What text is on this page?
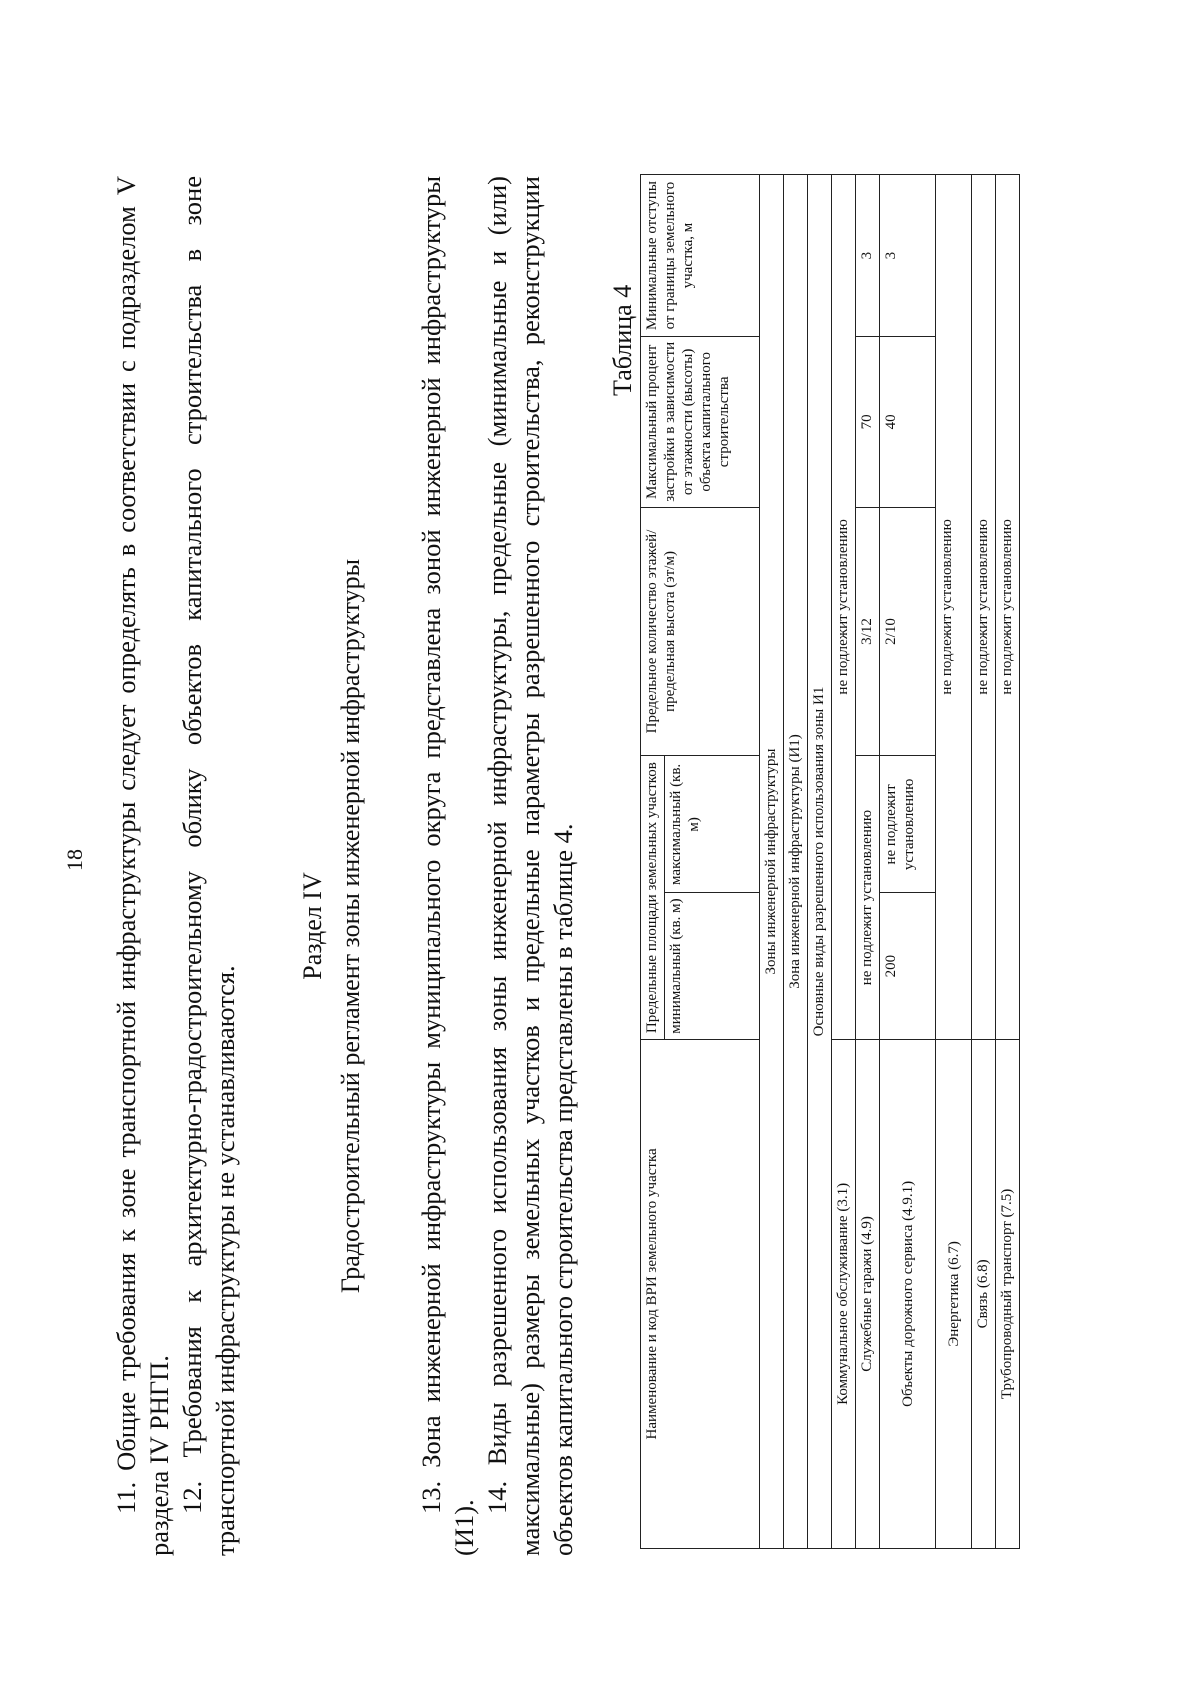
18 11. Общие требования к зоне транспортной инфраструктуры следует определять в соответствии с подразделом V раздела IV РНГП. 12. Требования к архитектурно-градостроительному облику объектов капитального строительства в зоне транспортной инфраструктуры не устанавливаются.

Раздел IV Градостроительный регламент зоны инженерной инфраструктуры 13. Зона инженерной инфраструктуры муниципального округа представлена зоной инженерной инфраструктуры (И1).

14. Виды разрешенного использования зоны инженерной инфраструктуры, предельные (минимальные и (или) максимальные) размеры земельных участков и предельные параметры разрешенного строительства, реконструкции объектов капитального строительства представлены в таблице 4.

Таблица 4
Наименование и код ВРИ земельного участка	Предельные площади земельных участков		Предельное количество этажей/предельная высота (эт/м)	Максимальный процент застройки в зависимости от этажности (высоты) объекта капитального строительства	Минимальные отступы от границы земельного участка, м
	минимальный (кв. м)	максимальный (кв. м)			
Зоны инженерной инфраструктуры					
Зона инженерной инфраструктуры (И1)					
Основные виды разрешенного использования зоны И1					
Коммунальное обслуживание (3.1)	не подлежит установлению				
Служебные гаражи (4.9)	не подлежит установлению		3/12	70	3
Объекты дорожного сервиса (4.9.1)	200	не подлежит установлению	2/10	40	3
Энергетика (6.7)	не подлежит установлению				
Связь (6.8)	не подлежит установлению				
Трубопроводный транспорт (7.5)	не подлежит установлению				
